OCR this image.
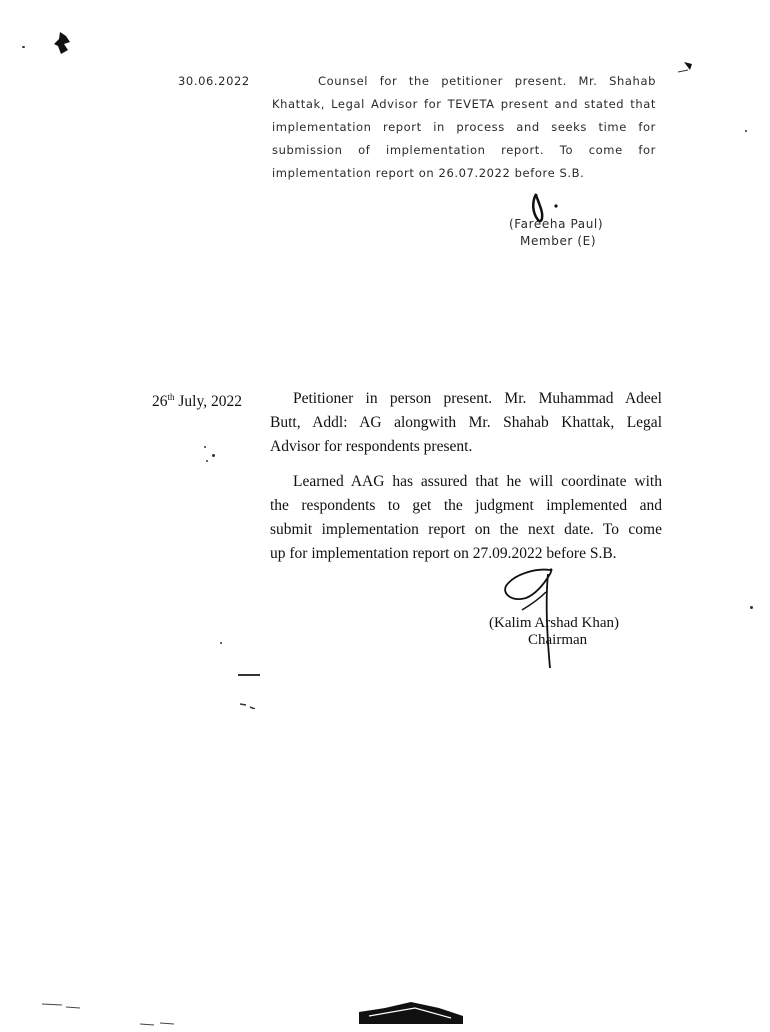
30.06.2022	Counsel for the petitioner present. Mr. Shahab
Khattak, Legal Advisor for TEVETA present and stated that
implementation report in process and seeks time for
submission of implementation report. To come for
implementation report on 26.07.2022 before S.B.
(Fareeha Paul)
Member (E)
26th July, 2022	Petitioner in person present. Mr. Muhammad Adeel
Butt, Addl: AG alongwith Mr. Shahab Khattak, Legal
Advisor for respondents present.
Learned AAG has assured that he will coordinate with
the respondents to get the judgment implemented and
submit implementation report on the next date. To come
up for implementation report on 27.09.2022 before S.B.
(Kalim Arshad Khan)
Chairman
